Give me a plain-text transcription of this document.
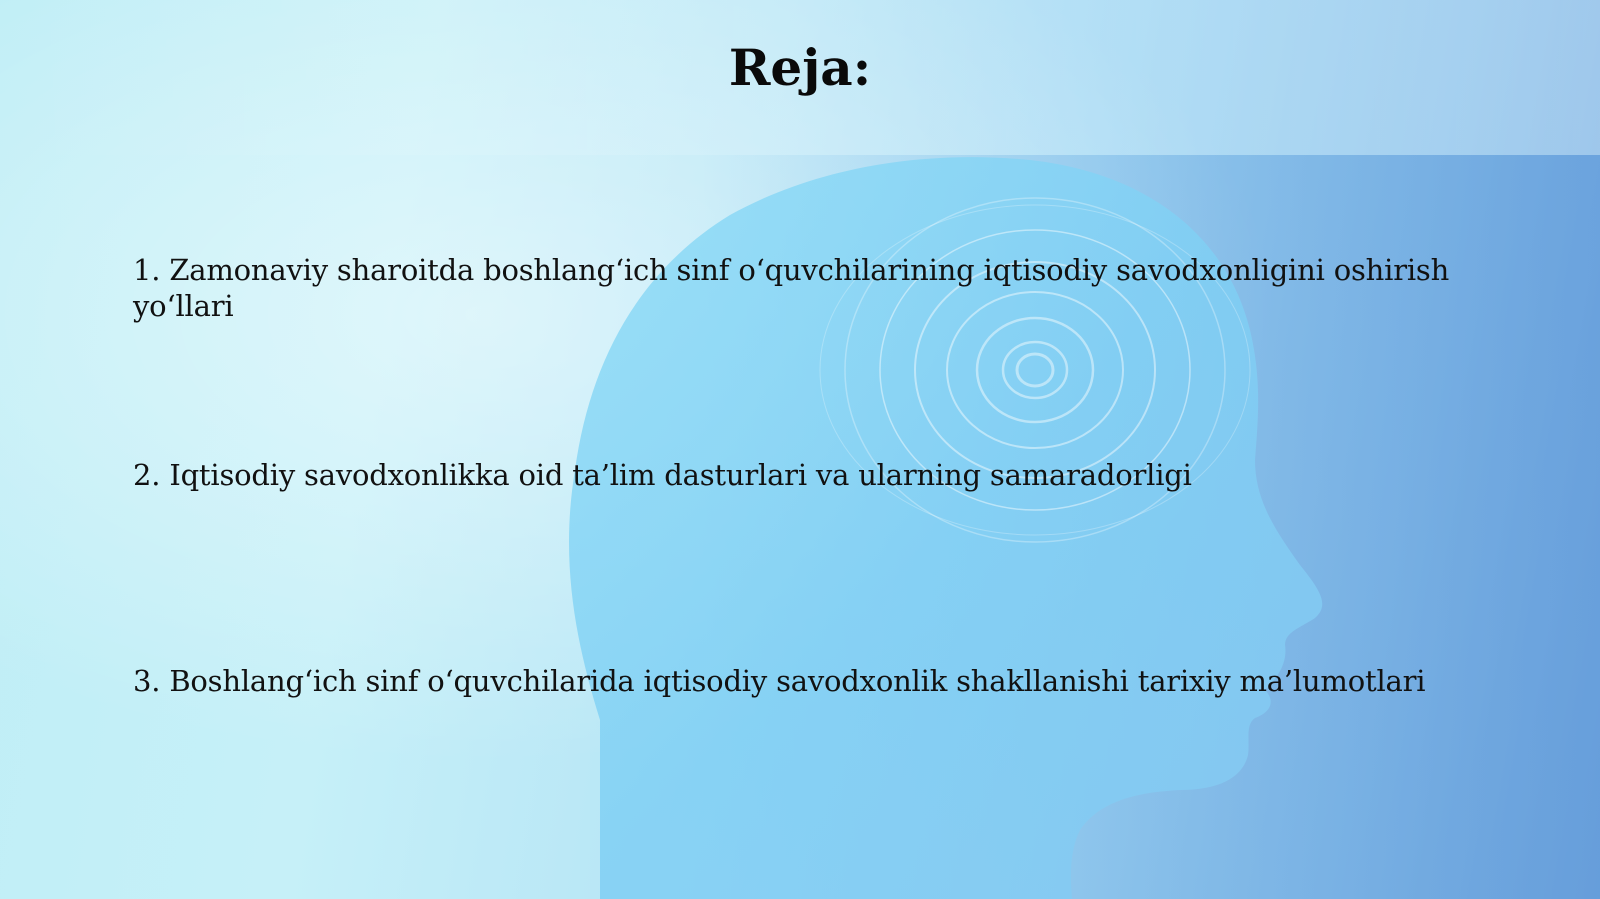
Reja:
1. Zamonaviy sharoitda boshlang‘ich sinf o‘quvchilarining iqtisodiy savodxonligini oshirish yo‘llari
2. Iqtisodiy savodxonlikka oid ta’lim dasturlari va ularning samaradorligi
3. Boshlang‘ich sinf o‘quvchilarida iqtisodiy savodxonlik shakllanishi tarixiy ma’lumotlari
